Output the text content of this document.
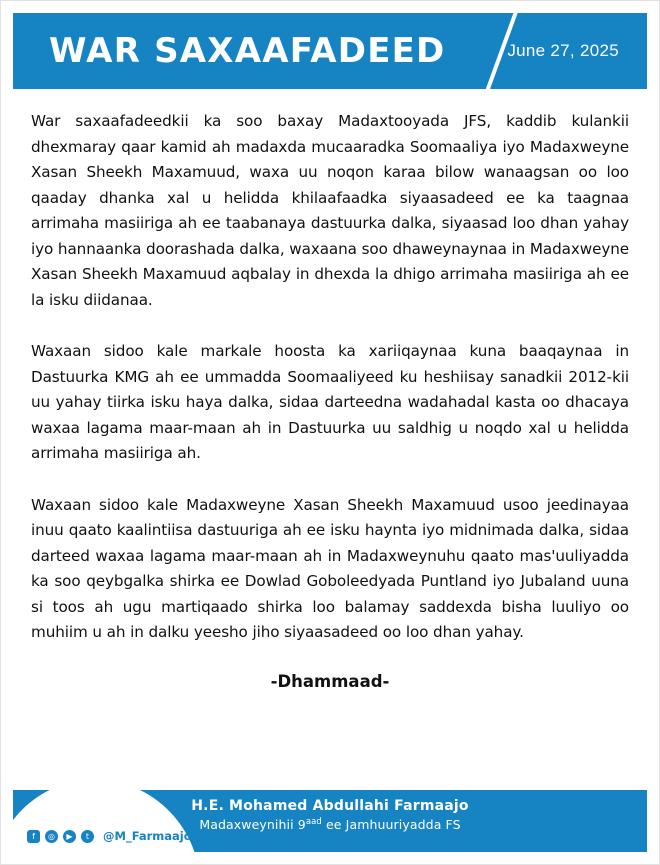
WAR SAXAAFADEED	June 27, 2025

War saxaafadeedkii ka soo baxay Madaxtooyada JFS, kaddib kulankii dhexmaray qaar kamid ah madaxda mucaaradka Soomaaliya iyo Madaxweyne Xasan Sheekh Maxamuud, waxa uu noqon karaa bilow wanaagsan oo loo qaaday dhanka xal u helidda khilaafaadka siyaasadeed ee ka taagnaa arrimaha masiiriga ah ee taabanaya dastuurka dalka, siyaasad loo dhan yahay iyo hannaanka doorashada dalka, waxaana soo dhaweynaynaa in Madaxweyne Xasan Sheekh Maxamuud aqbalay in dhexda la dhigo arrimaha masiiriga ah ee la isku diidanaa.

Waxaan sidoo kale markale hoosta ka xariiqaynaa kuna baaqaynaa in Dastuurka KMG ah ee ummadda Soomaaliyeed ku heshiisay sanadkii 2012-kii uu yahay tiirka isku haya dalka, sidaa darteedna wadahadal kasta oo dhacaya waxaa lagama maar-maan ah in Dastuurka uu saldhig u noqdo xal u helidda arrimaha masiiriga ah.

Waxaan sidoo kale Madaxweyne Xasan Sheekh Maxamuud usoo jeedinayaa inuu qaato kaalintiisa dastuuriga ah ee isku haynta iyo midnimada dalka, sidaa darteed waxaa lagama maar-maan ah in Madaxweynuhu qaato mas'uuliyadda ka soo qeybgalka shirka ee Dowlad Goboleedyada Puntland iyo Jubaland uuna si toos ah ugu martiqaado shirka loo balamay saddexda bisha luuliyo oo muhiim u ah in dalku yeesho jiho siyaasadeed oo loo dhan yahay.

-Dhammaad-
H.E. Mohamed Abdullahi Farmaajo
Madaxweynihii $9^{aad}$ ee Jamhuuriyadda FS
f	◎	▶	t	@M_Farmaajo
